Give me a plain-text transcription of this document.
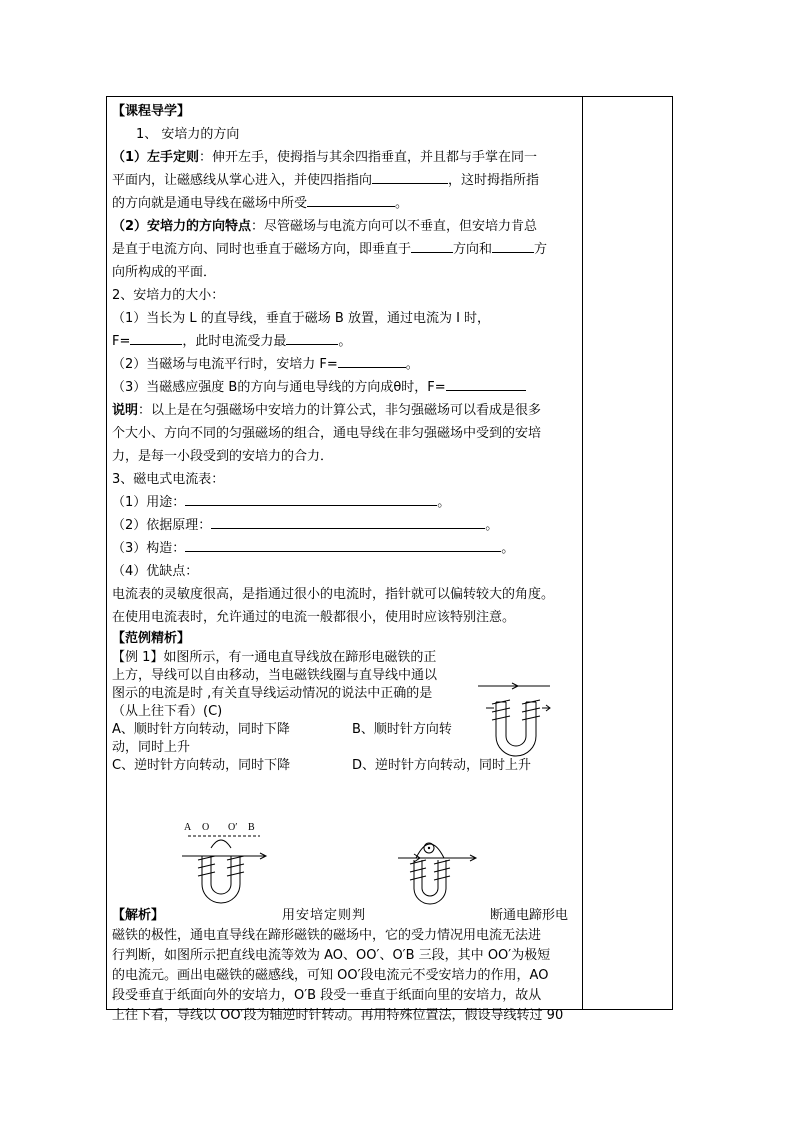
【课程导学】
1、 安培力的方向
（1）左手定则：伸开左手，使拇指与其余四指垂直，并且都与手掌在同一
平面内，让磁感线从掌心进入，并使四指指向	，这时拇指所指
的方向就是通电导线在磁场中所受	。
（2）安培力的方向特点：尽管磁场与电流方向可以不垂直，但安培力肯总
是直于电流方向、同时也垂直于磁场方向，即垂直于	方向和	方
向所构成的平面．
2、安培力的大小：
（1）当长为 L 的直导线，垂直于磁场 B 放置，通过电流为 I 时，
F=	，此时电流受力最	。
（2）当磁场与电流平行时，安培力 F=	。
（3）当磁感应强度 B的方向与通电导线的方向成θ时，F=
说明：以上是在匀强磁场中安培力的计算公式，非匀强磁场可以看成是很多
个大小、方向不同的匀强磁场的组合，通电导线在非匀强磁场中受到的安培
力，是每一小段受到的安培力的合力．
3、磁电式电流表：
（1）用途：	。
（2）依据原理：	。
（3）构造：	。
（4）优缺点：
电流表的灵敏度很高，是指通过很小的电流时，指针就可以偏转较大的角度。
在使用电流表时，允许通过的电流一般都很小，使用时应该特别注意。
【范例精析】
【例 1】如图所示，有一通电直导线放在蹄形电磁铁的正
上方，导线可以自由移动，当电磁铁线圈与直导线中通以
图示的电流是时 ,有关直导线运动情况的说法中正确的是
（从上往下看）(C)
A、顺时针方向转动，同时下降	B、顺时针方向转
动，同时上升
C、逆时针方向转动，同时下降	D、逆时针方向转动，同时上升
A O O′ B
【解析】	用安培定则判	断通电蹄形电
磁铁的极性，通电直导线在蹄形磁铁的磁场中，它的受力情况用电流无法进
行判断，如图所示把直线电流等效为 AO、OO′、O′B 三段，其中 OO′为极短
的电流元。画出电磁铁的磁感线，可知 OO′段电流元不受安培力的作用，AO
段受垂直于纸面向外的安培力，O′B 段受一垂直于纸面向里的安培力，故从
上往下看，导线以 OO′段为轴逆时针转动。再用特殊位置法，假设导线转过 90
